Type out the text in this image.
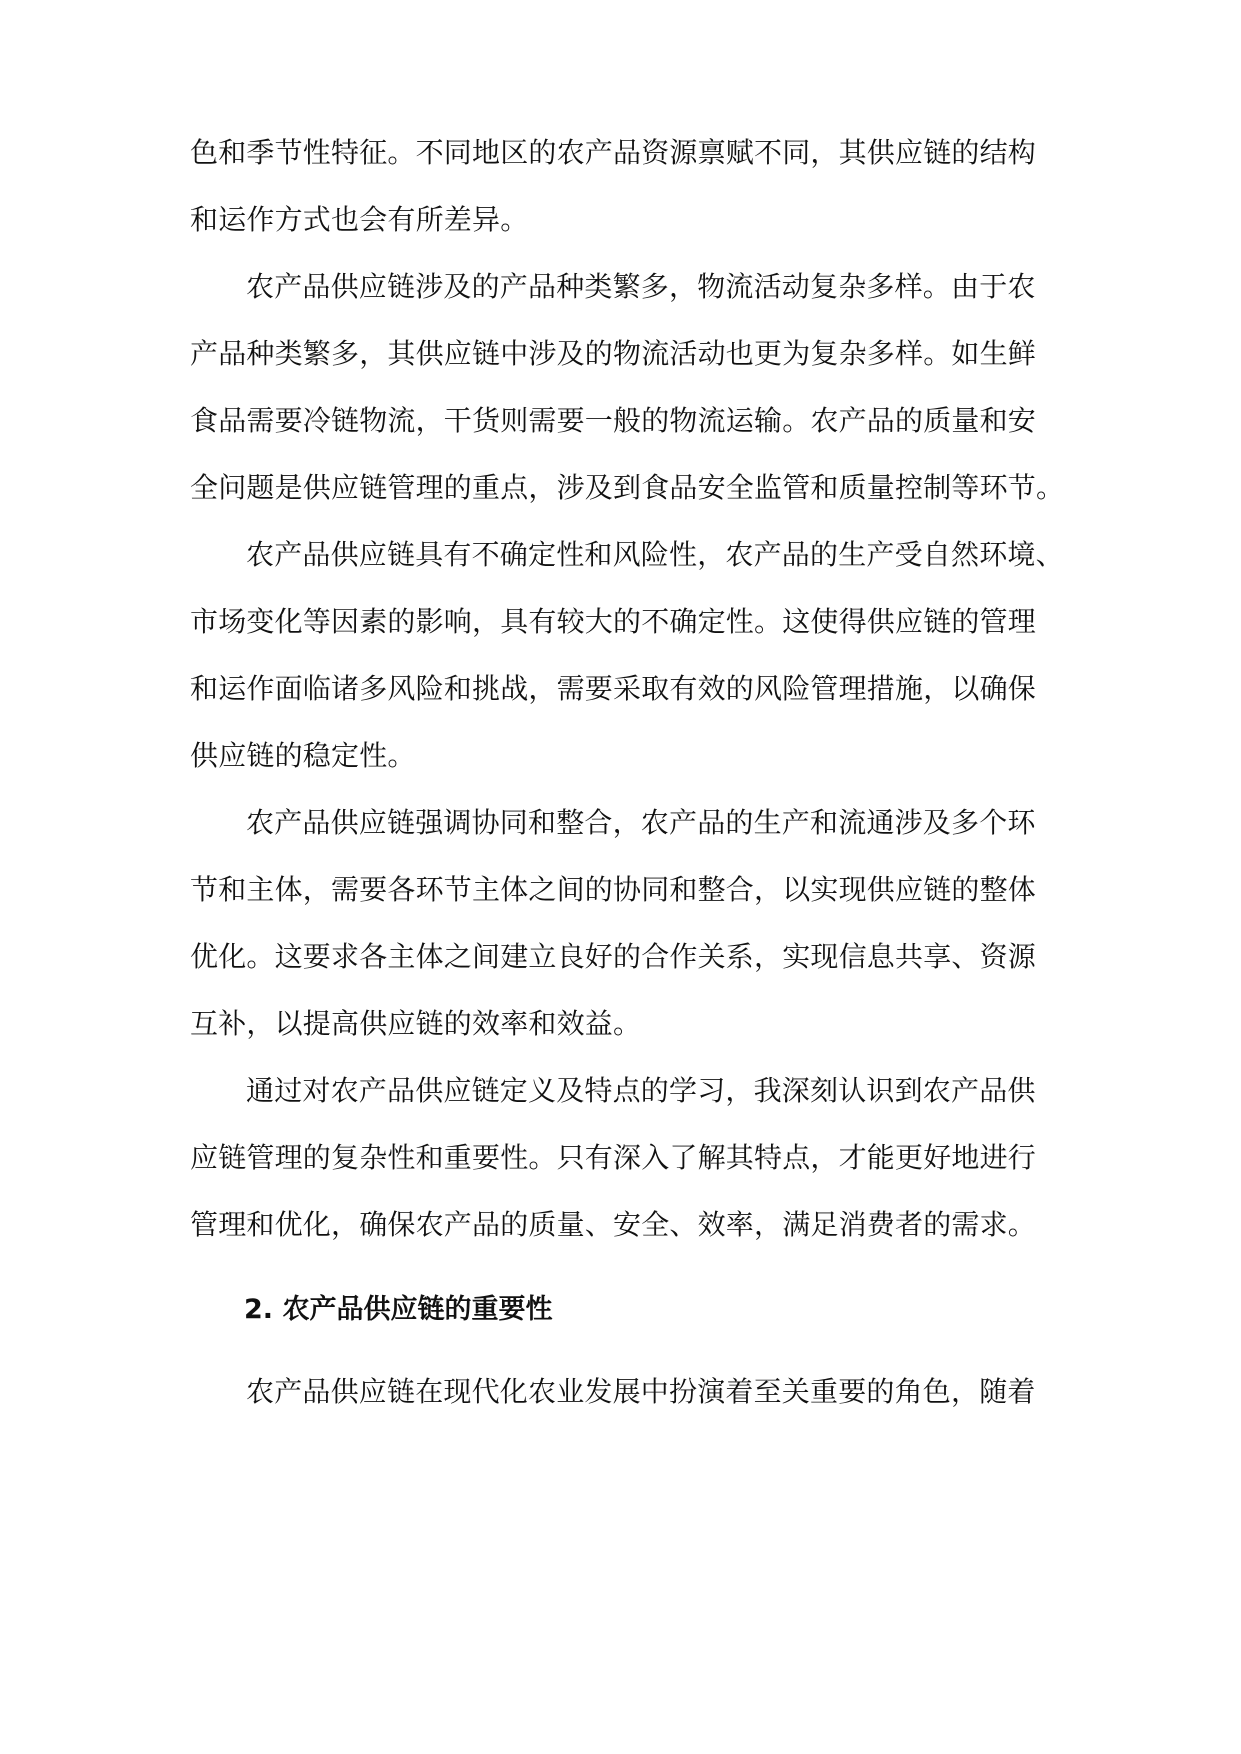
色和季节性特征。不同地区的农产品资源禀赋不同，其供应链的结构
和运作方式也会有所差异。
农产品供应链涉及的产品种类繁多，物流活动复杂多样。由于农
产品种类繁多，其供应链中涉及的物流活动也更为复杂多样。如生鲜
食品需要冷链物流，干货则需要一般的物流运输。农产品的质量和安
全问题是供应链管理的重点，涉及到食品安全监管和质量控制等环节。
农产品供应链具有不确定性和风险性，农产品的生产受自然环境、
市场变化等因素的影响，具有较大的不确定性。这使得供应链的管理
和运作面临诸多风险和挑战，需要采取有效的风险管理措施，以确保
供应链的稳定性。
农产品供应链强调协同和整合，农产品的生产和流通涉及多个环
节和主体，需要各环节主体之间的协同和整合，以实现供应链的整体
优化。这要求各主体之间建立良好的合作关系，实现信息共享、资源
互补，以提高供应链的效率和效益。
通过对农产品供应链定义及特点的学习，我深刻认识到农产品供
应链管理的复杂性和重要性。只有深入了解其特点，才能更好地进行
管理和优化，确保农产品的质量、安全、效率，满足消费者的需求。
2. 农产品供应链的重要性
农产品供应链在现代化农业发展中扮演着至关重要的角色，随着
